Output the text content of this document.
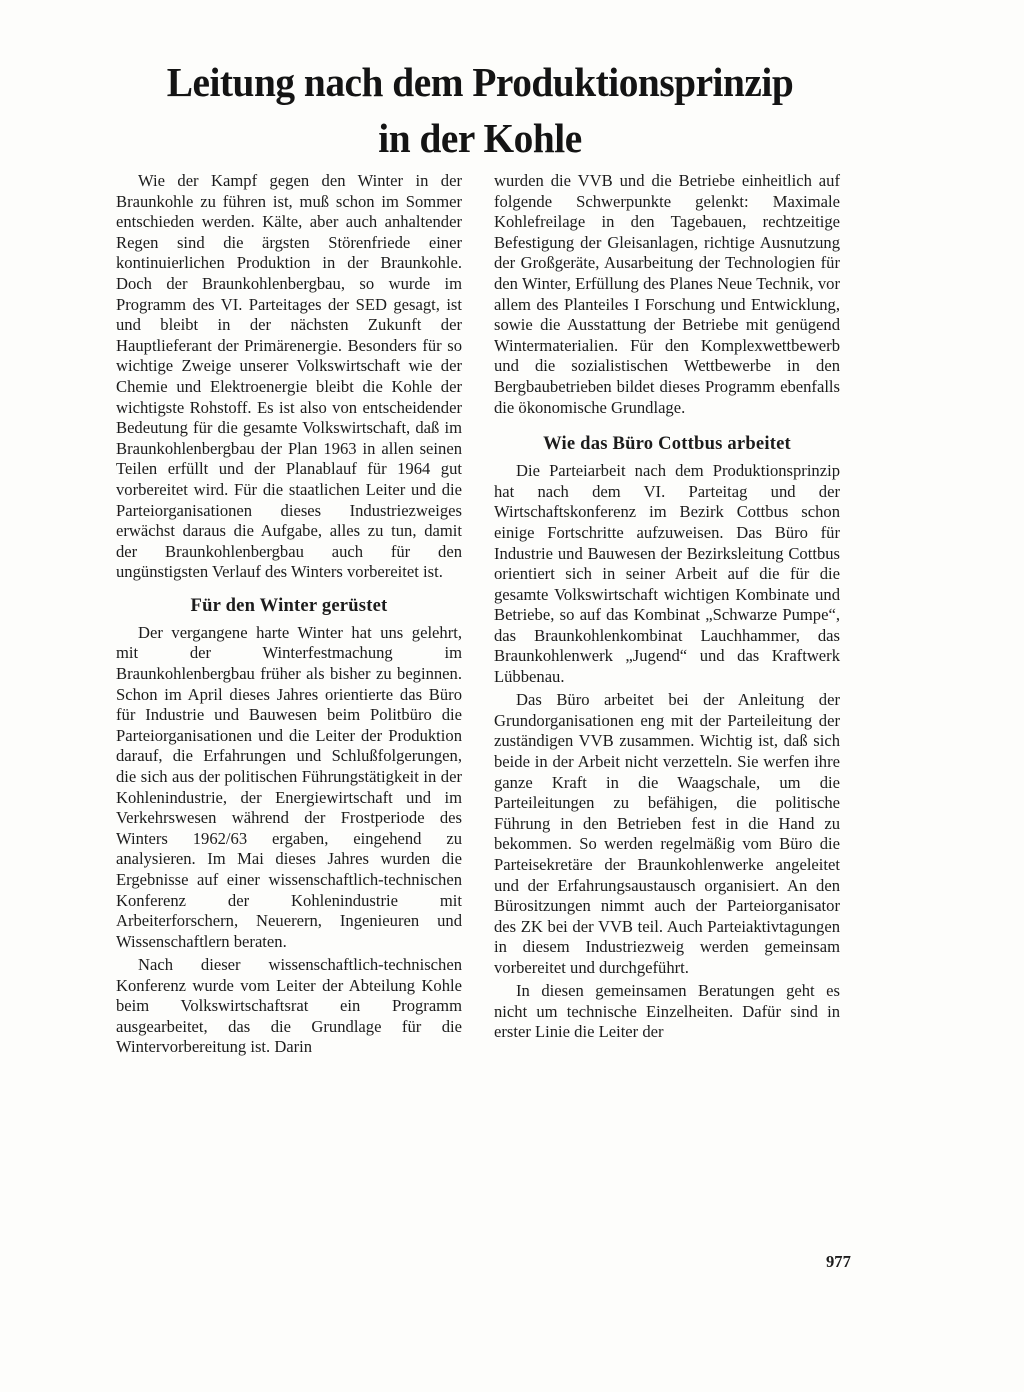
Leitung nach dem Produktionsprinzip
in der Kohle

Wie der Kampf gegen den Winter in der Braunkohle zu führen ist, muß schon im Sommer entschieden werden. Kälte, aber auch anhaltender Regen sind die ärgsten Störenfriede einer kontinuierlichen Produktion in der Braunkohle. Doch der Braunkohlenbergbau, so wurde im Programm des VI. Parteitages der SED gesagt, ist und bleibt in der nächsten Zukunft der Hauptlieferant der Primärenergie. Besonders für so wichtige Zweige unserer Volkswirtschaft wie der Chemie und Elektroenergie bleibt die Kohle der wichtigste Rohstoff. Es ist also von entscheidender Bedeutung für die gesamte Volkswirtschaft, daß im Braunkohlenbergbau der Plan 1963 in allen seinen Teilen erfüllt und der Planablauf für 1964 gut vorbereitet wird. Für die staatlichen Leiter und die Parteiorganisationen dieses Industriezweiges erwächst daraus die Aufgabe, alles zu tun, damit der Braunkohlenbergbau auch für den ungünstigsten Verlauf des Winters vorbereitet ist.

Für den Winter gerüstet

Der vergangene harte Winter hat uns gelehrt, mit der Winterfestmachung im Braunkohlenbergbau früher als bisher zu beginnen. Schon im April dieses Jahres orientierte das Büro für Industrie und Bauwesen beim Politbüro die Parteiorganisationen und die Leiter der Produktion darauf, die Erfahrungen und Schlußfolgerungen, die sich aus der politischen Führungstätigkeit in der Kohlenindustrie, der Energiewirtschaft und im Verkehrswesen während der Frostperiode des Winters 1962/63 ergaben, eingehend zu analysieren. Im Mai dieses Jahres wurden die Ergebnisse auf einer wissenschaftlich-technischen Konferenz der Kohlenindustrie mit Arbeiterforschern, Neuerern, Ingenieuren und Wissenschaftlern beraten.

Nach dieser wissenschaftlich-technischen Konferenz wurde vom Leiter der Abteilung Kohle beim Volkswirtschaftsrat ein Programm ausgearbeitet, das die Grundlage für die Wintervorbereitung ist. Darin

wurden die VVB und die Betriebe einheitlich auf folgende Schwerpunkte gelenkt: Maximale Kohlefreilage in den Tagebauen, rechtzeitige Befestigung der Gleisanlagen, richtige Ausnutzung der Großgeräte, Ausarbeitung der Technologien für den Winter, Erfüllung des Planes Neue Technik, vor allem des Planteiles I Forschung und Entwicklung, sowie die Ausstattung der Betriebe mit genügend Wintermaterialien. Für den Komplexwettbewerb und die sozialistischen Wettbewerbe in den Bergbaubetrieben bildet dieses Programm ebenfalls die ökonomische Grundlage.

Wie das Büro Cottbus arbeitet

Die Parteiarbeit nach dem Produktionsprinzip hat nach dem VI. Parteitag und der Wirtschaftskonferenz im Bezirk Cottbus schon einige Fortschritte aufzuweisen. Das Büro für Industrie und Bauwesen der Bezirksleitung Cottbus orientiert sich in seiner Arbeit auf die für die gesamte Volkswirtschaft wichtigen Kombinate und Betriebe, so auf das Kombinat „Schwarze Pumpe“, das Braunkohlenkombinat Lauchhammer, das Braunkohlenwerk „Jugend“ und das Kraftwerk Lübbenau.

Das Büro arbeitet bei der Anleitung der Grundorganisationen eng mit der Parteileitung der zuständigen VVB zusammen. Wichtig ist, daß sich beide in der Arbeit nicht verzetteln. Sie werfen ihre ganze Kraft in die Waagschale, um die Parteileitungen zu befähigen, die politische Führung in den Betrieben fest in die Hand zu bekommen. So werden regelmäßig vom Büro die Parteisekretäre der Braunkohlenwerke angeleitet und der Erfahrungsaustausch organisiert. An den Bürositzungen nimmt auch der Parteiorganisator des ZK bei der VVB teil. Auch Parteiaktivtagungen in diesem Industriezweig werden gemeinsam vorbereitet und durchgeführt.

In diesen gemeinsamen Beratungen geht es nicht um technische Einzelheiten. Dafür sind in erster Linie die Leiter der

977
